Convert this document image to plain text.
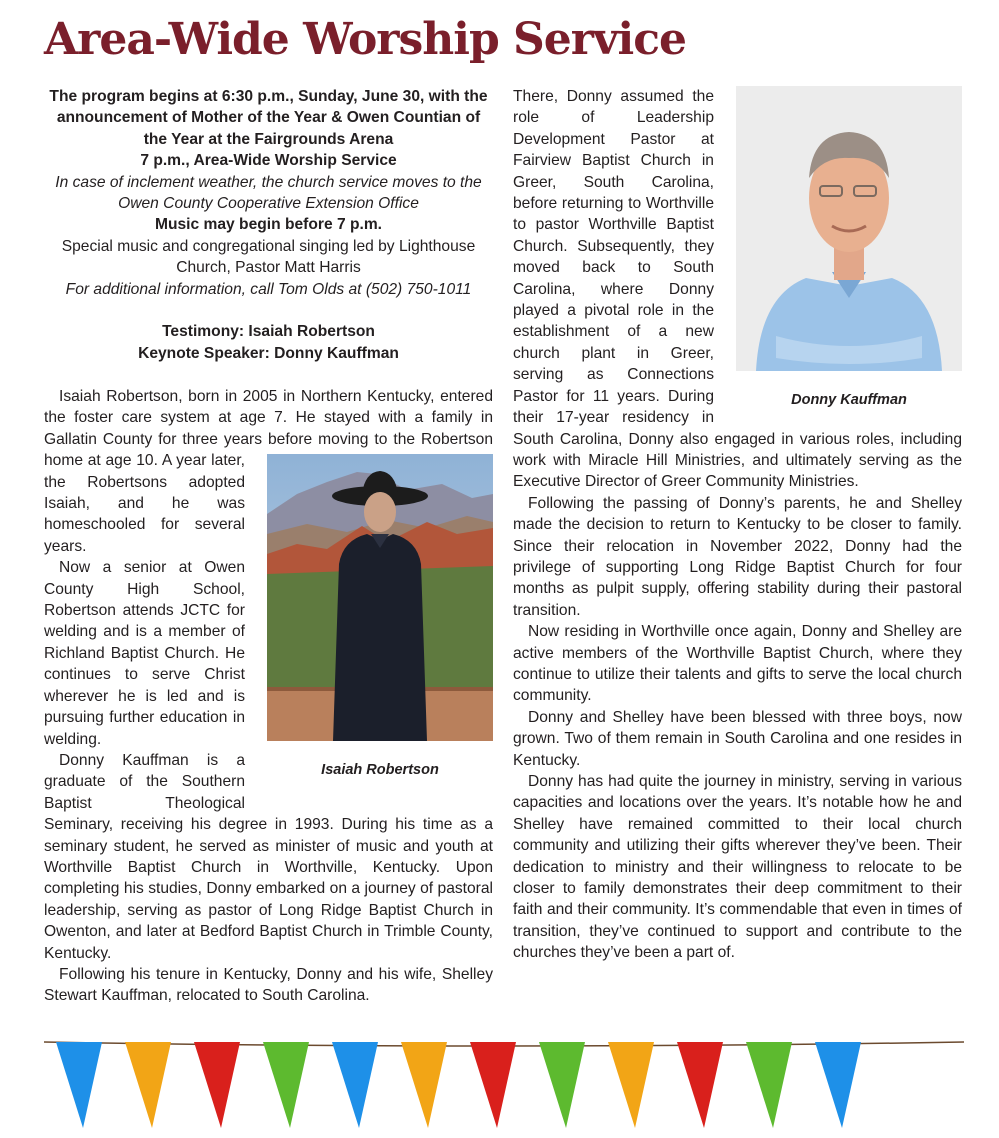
Area-Wide Worship Service

The program begins at 6:30 p.m., Sunday, June 30, with the announcement of Mother of the Year & Owen Countian of the Year at the Fairgrounds Arena

7 p.m., Area-Wide Worship Service

In case of inclement weather, the church service moves to the Owen County Cooperative Extension Office

Music may begin before 7 p.m.

Special music and congregational singing led by Lighthouse Church, Pastor Matt Harris

For additional information, call Tom Olds at (502) 750-1011

Testimony: Isaiah Robertson

Keynote Speaker: Donny Kauffman

Isaiah Robertson

Isaiah Robertson, born in 2005 in Northern Kentucky, entered the foster care system at age 7. He stayed with a family in Gallatin County for three years before moving to the Robertson home at age 10. A year later, the Robertsons adopted Isaiah, and he was homeschooled for several years.

Now a senior at Owen County High School, Robertson attends JCTC for welding and is a member of Richland Baptist Church. He continues to serve Christ wherever he is led and is pursuing further education in welding.

Donny Kauffman is a graduate of the Southern Baptist Theological Seminary, receiving his degree in 1993. During his time as a seminary student, he served as minister of music and youth at Worthville Baptist Church in Worthville, Kentucky. Upon completing his studies, Donny embarked on a journey of pastoral leadership, serving as pastor of Long Ridge Baptist Church in Owenton, and later at Bedford Baptist Church in Trimble County, Kentucky.

Following his tenure in Kentucky, Donny and his wife, Shelley Stewart Kauffman, relocated to South Carolina.

Donny Kauffman

There, Donny assumed the role of Leadership Development Pastor at Fairview Baptist Church in Greer, South Carolina, before returning to Worthville to pastor Worthville Baptist Church. Subsequently, they moved back to South Carolina, where Donny played a pivotal role in the establishment of a new church plant in Greer, serving as Connections Pastor for 11 years. During their 17-year residency in South Carolina, Donny also engaged in various roles, including work with Miracle Hill Ministries, and ultimately serving as the Executive Director of Greer Community Ministries.

Following the passing of Donny’s parents, he and Shelley made the decision to return to Kentucky to be closer to family. Since their relocation in November 2022, Donny had the privilege of supporting Long Ridge Baptist Church for four months as pulpit supply, offering stability during their pastoral transition.

Now residing in Worthville once again, Donny and Shelley are active members of the Worthville Baptist Church, where they continue to utilize their talents and gifts to serve the local church community.

Donny and Shelley have been blessed with three boys, now grown. Two of them remain in South Carolina and one resides in Kentucky.

Donny has had quite the journey in ministry, serving in various capacities and locations over the years. It’s notable how he and Shelley have remained committed to their local church community and utilizing their gifts wherever they’ve been. Their dedication to ministry and their willingness to relocate to be closer to family demonstrates their deep commitment to their faith and their community. It’s commendable that even in times of transition, they’ve continued to support and contribute to the churches they’ve been a part of.
